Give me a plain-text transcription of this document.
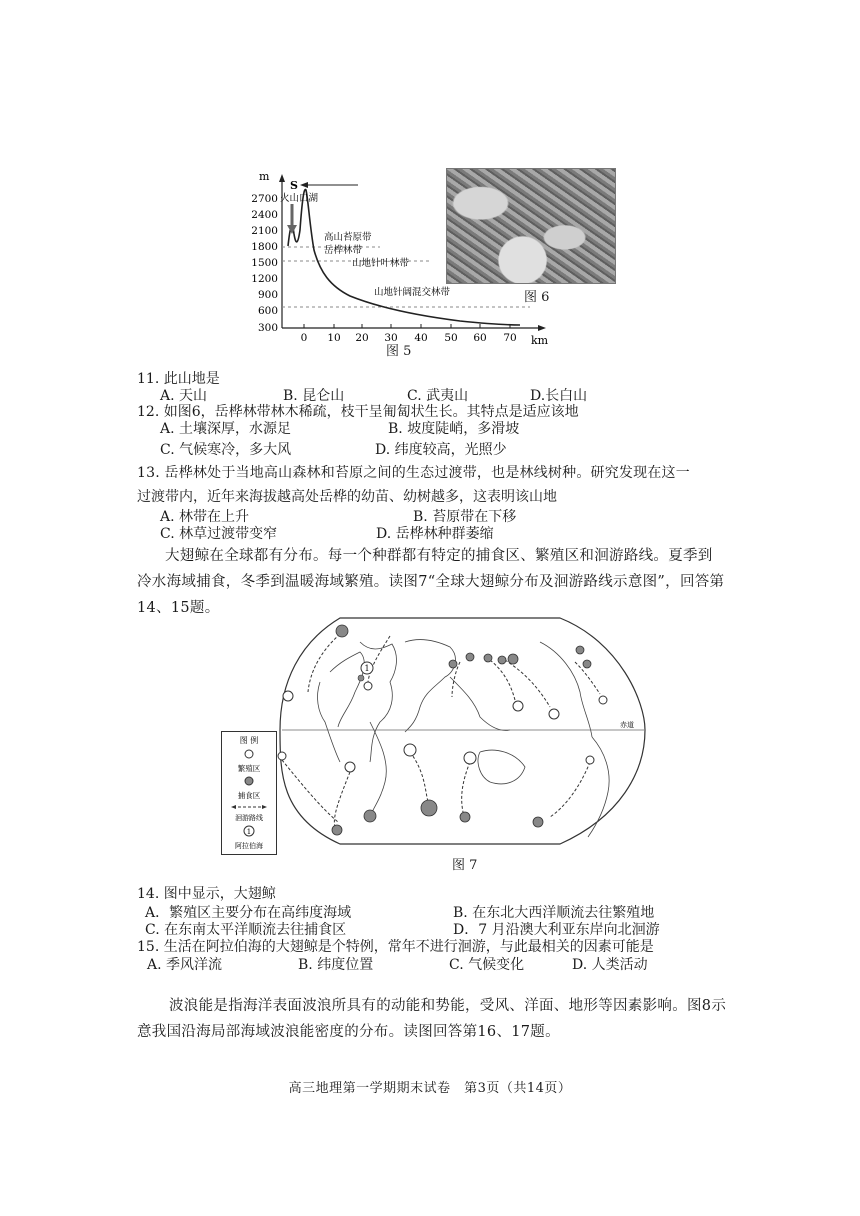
m
km
2700
2400
2100
1800
1500
1200
900
600
300
0 10 20 30 40 50 60 70
S
火山口湖
高山苔原带
岳桦林带
山地针叶林带
山地针阔混交林带
图 5
图 6
11. 此山地是
A. 天山	B. 昆仑山	C. 武夷山	D.长白山
12. 如图6，岳桦林带林木稀疏，枝干呈匍匐状生长。其特点是适应该地
A. 土壤深厚，水源足	B. 坡度陡峭，多滑坡
C. 气候寒冷，多大风	D. 纬度较高，光照少
13. 岳桦林处于当地高山森林和苔原之间的生态过渡带，也是林线树种。研究发现在这一
过渡带内，近年来海拔越高处岳桦的幼苗、幼树越多，这表明该山地
A. 林带在上升	B. 苔原带在下移
C. 林草过渡带变窄	D. 岳桦林种群萎缩
大翅鲸在全球都有分布。每一个种群都有特定的捕食区、繁殖区和洄游路线。夏季到冷水海域捕食，冬季到温暖海域繁殖。读图7“全球大翅鲸分布及洄游路线示意图”，回答第14、15题。
赤道
1
图 例
繁殖区
捕食区
洄游路线
1
阿拉伯海
图 7
14. 图中显示，大翅鲸
A．繁殖区主要分布在高纬度海域	B. 在东北大西洋顺流去往繁殖地
C. 在东南太平洋顺流去往捕食区	D．7 月沿澳大利亚东岸向北洄游
15. 生活在阿拉伯海的大翅鲸是个特例，常年不进行洄游，与此最相关的因素可能是
A. 季风洋流	B. 纬度位置	C. 气候变化	D. 人类活动
波浪能是指海洋表面波浪所具有的动能和势能，受风、洋面、地形等因素影响。图8示意我国沿海局部海域波浪能密度的分布。读图回答第16、17题。
高三地理第一学期期末试卷　第3页（共14页）
